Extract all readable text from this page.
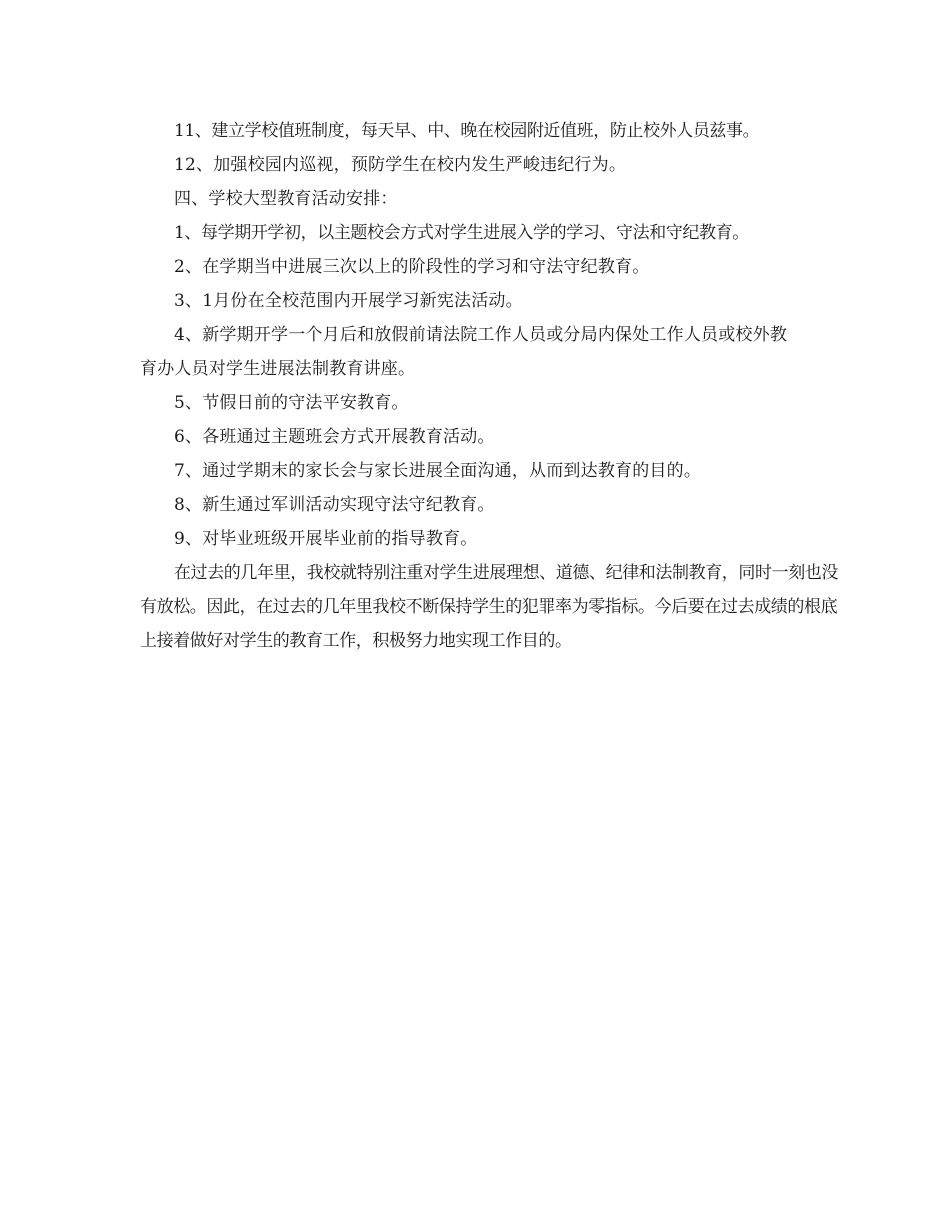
11、建立学校值班制度，每天早、中、晚在校园附近值班，防止校外人员兹事。

12、加强校园内巡视，预防学生在校内发生严峻违纪行为。

四、学校大型教育活动安排：

1、每学期开学初，以主题校会方式对学生进展入学的学习、守法和守纪教育。

2、在学期当中进展三次以上的阶段性的学习和守法守纪教育。

3、1月份在全校范围内开展学习新宪法活动。

4、新学期开学一个月后和放假前请法院工作人员或分局内保处工作人员或校外教育办人员对学生进展法制教育讲座。

5、节假日前的守法平安教育。

6、各班通过主题班会方式开展教育活动。

7、通过学期末的家长会与家长进展全面沟通，从而到达教育的目的。

8、新生通过军训活动实现守法守纪教育。

9、对毕业班级开展毕业前的指导教育。

在过去的几年里，我校就特别注重对学生进展理想、道德、纪律和法制教育，同时一刻也没有放松。因此，在过去的几年里我校不断保持学生的犯罪率为零指标。今后要在过去成绩的根底上接着做好对学生的教育工作，积极努力地实现工作目的。
